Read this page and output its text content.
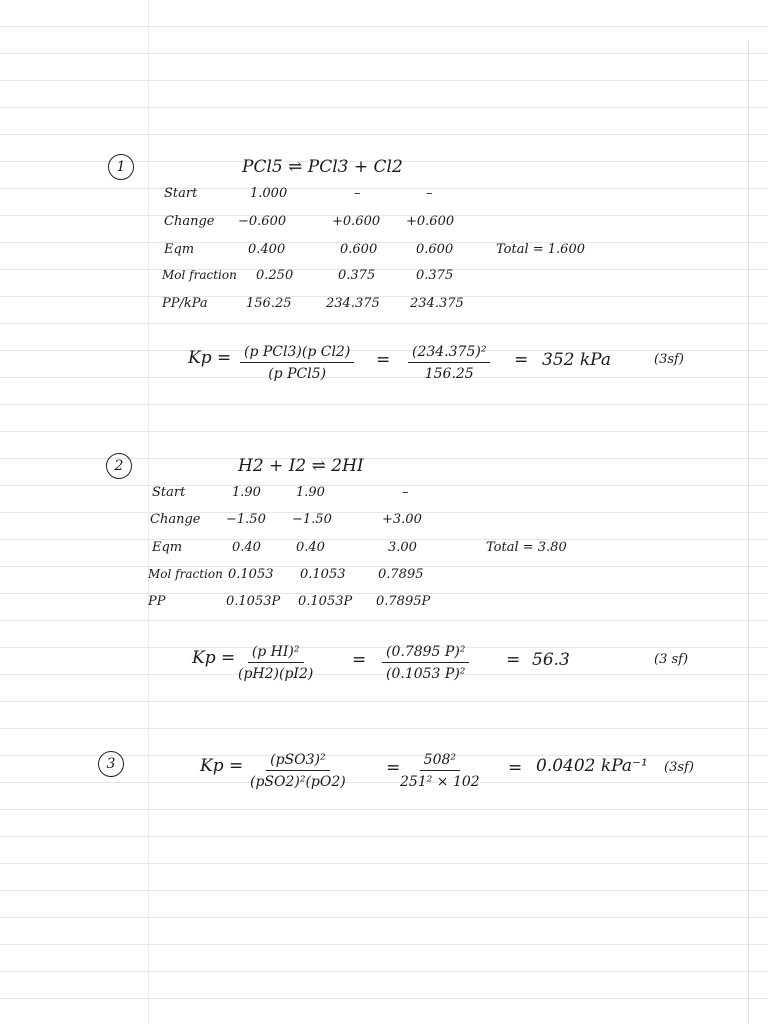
1	PCl5 ⇌ PCl3 + Cl2
Start	1.000	–	–
Change −0.600	+0.600 +0.600
Eqm	0.400	0.600	0.600	Total = 1.600
Mol fraction 0.250	0.375	0.375
PP/kPa	156.25	234.375 234.375
Kp = (p PCl3)(p Cl2)
(p PCl5)
= $\frac{\text{(234.375)²}}{156.25} = 352$ kPa	(3sf)
2	H2 + I2 ⇌ 2HI
Start	1.90	1.90	–
Change −1.50 −1.50	+3.00
Eqm	0.40	0.40	3.00	Total = 3.80
Mol fraction 0.1053 0.1053	0.7895
PP	0.1053P 0.1053P 0.7895P
$Kp = \frac{\text{(p HI)²}}{(pH2)(pI2)} = \frac{\text{(0.7895 P)²}}{\text{(0.1053 P)²}} = 56.3$	(3 sf)
3	Kp = (pSO3)²
(pSO2)²(pO2)
= $\frac{\text{508²}}{\text{251² × 102}} = 0.0402$ kPa⁻¹ (3sf)
